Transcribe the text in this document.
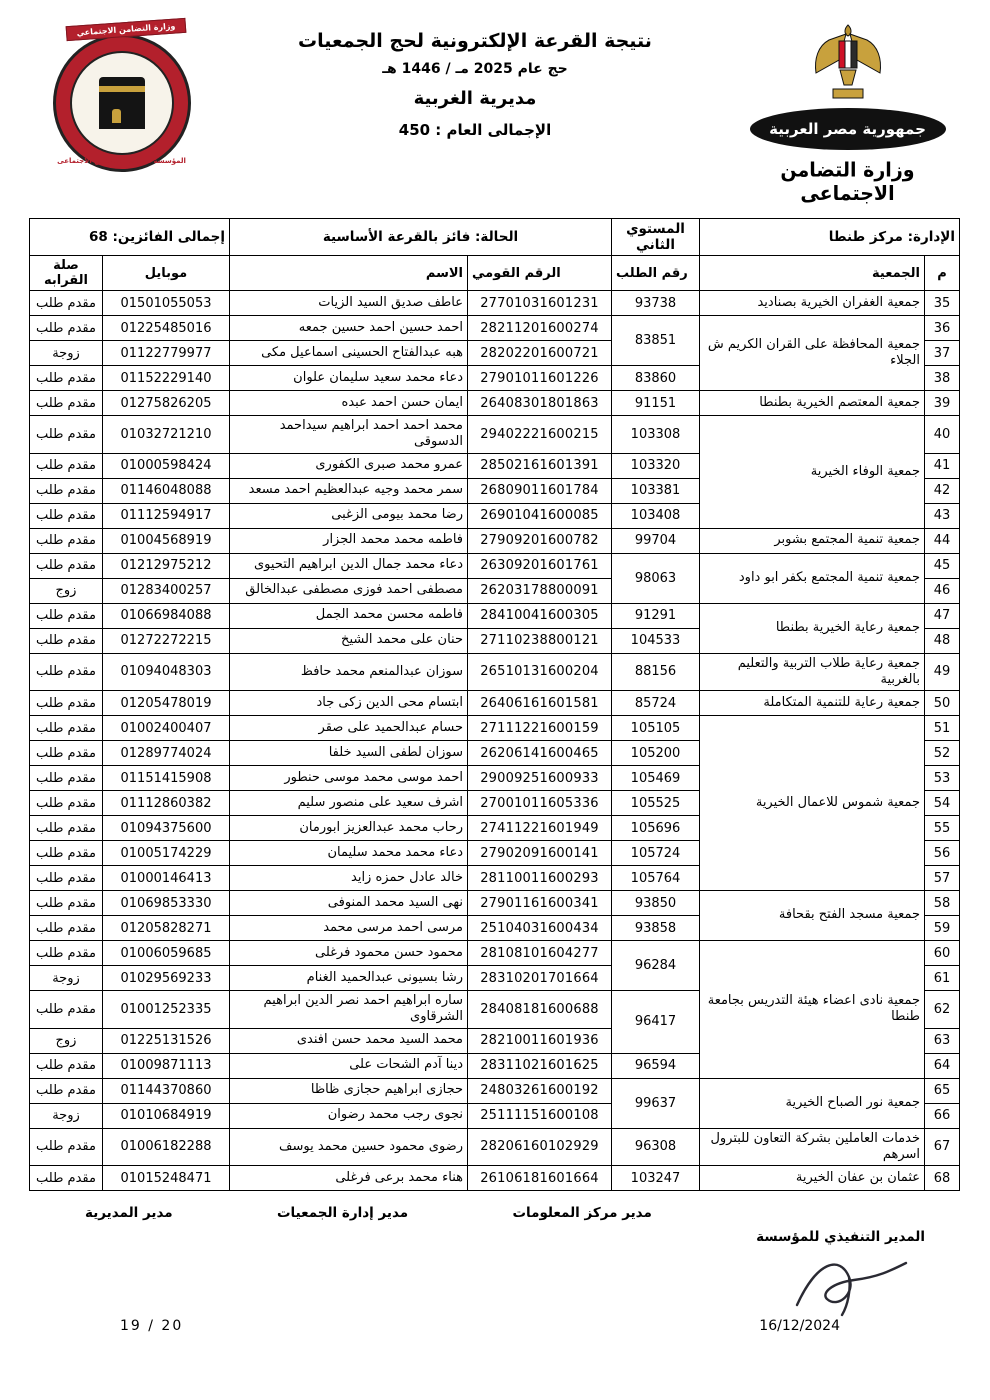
جمهورية مصر العربية
وزارة التضامن الاجتماعى
نتيجة القرعة الإلكترونية لحج الجمعيات
حج عام 2025 مـ / 1446 هـ
مديرية الغربية
الإجمالى العام : 450
وزارة التضامن الاجتماعي
المؤسسة القومية للتضامن الاجتماعى
الإدارة: مركز طنطا		المستوي الثاني	الحالة: فائز بالقرعة الأساسية		إجمالى الفائزين: 68	
م	الجمعية	رقم الطلب	الرقم القومي	الاسم	موبايل	صلة القرابه
35	جمعية الغفران الخيرية بصناديد	93738	27701031601231	عاطف صديق السيد الزيات	01501055053	مقدم طلب
36	جمعية المحافظة على القران الكريم ش الجلاء	83851	28211201600274	احمد حسين احمد حسين جمعه	01225485016	مقدم طلب
37			28202201600721	هبه عبدالفتاح الحسينى اسماعيل مكى	01122779977	زوجة
38		83860	27901011601226	دعاء محمد سعيد سليمان علوان	01152229140	مقدم طلب
39	جمعية المعتصم الخيرية بطنطا	91151	26408301801863	ايمان حسن احمد عبده	01275826205	مقدم طلب
40	جمعية الوفاء الخيرية	103308	29402221600215	محمد احمد احمد ابراهيم سيداحمد الدسوقى	01032721210	مقدم طلب
41		103320	28502161601391	عمرو محمد صبرى الكفورى	01000598424	مقدم طلب
42		103381	26809011601784	سمر محمد وجيه عبدالعظيم احمد مسعد	01146048088	مقدم طلب
43		103408	26901041600085	رضا محمد بيومى الزغبى	01112594917	مقدم طلب
44	جمعية تنمية المجتمع بشوبر	99704	27909201600782	فاطمه محمد محمد الجزار	01004568919	مقدم طلب
45	جمعية تنمية المجتمع بكفر ابو داود	98063	26309201601761	دعاء محمد جمال الدين ابراهيم التحيوى	01212975212	مقدم طلب
46			26203178800091	مصطفى احمد فوزى مصطفى عبدالخالق	01283400257	زوج
47	جمعية رعاية الخيرية بطنطا	91291	28410041600305	فاطمه محسن محمد الجمل	01066984088	مقدم طلب
48		104533	27110238800121	حنان على محمد الشيخ	01272272215	مقدم طلب
49	جمعية رعاية طلاب التربية والتعليم بالغربية	88156	26510131600204	سوزان عبدالمنعم محمد حافظ	01094048303	مقدم طلب
50	جمعية رعاية للتنمية المتكاملة	85724	26406161601581	ابتسام محى الدين زكى جاد	01205478019	مقدم طلب
51	جمعية شموس للاعمال الخيرية	105105	27111221600159	حسام عبدالحميد على صقر	01002400407	مقدم طلب
52		105200	26206141600465	سوزان لطفى السيد خلفا	01289774024	مقدم طلب
53		105469	29009251600933	احمد موسى محمد موسى حنطور	01151415908	مقدم طلب
54		105525	27001011605336	اشرف سعيد على منصور سليم	01112860382	مقدم طلب
55		105696	27411221601949	رحاب محمد عبدالعزيز ابورمان	01094375600	مقدم طلب
56		105724	27902091600141	دعاء محمد محمد سليمان	01005174229	مقدم طلب
57		105764	28110011600293	خالد عادل حمزه زايد	01000146413	مقدم طلب
58	جمعية مسجد الفتح بقحافة	93850	27901161600341	نهى السيد محمد المنوفى	01069853330	مقدم طلب
59		93858	25104031600434	مرسى احمد مرسى محمد	01205828271	مقدم طلب
60	جمعية نادى اعضاء هيئة التدريس بجامعة طنطا	96284	28108101604277	محمود حسن محمود فرغلى	01006059685	مقدم طلب
61			28310201701664	رشا بسيونى عبدالحميد الغنام	01029569233	زوجة
62		96417	28408181600688	ساره ابراهيم احمد نصر الدين ابراهيم الشرقاوى	01001252335	مقدم طلب
63			28210011601936	محمد السيد محمد حسن افندى	01225131526	زوج
64		96594	28311021601625	دينا آدم الشحات على	01009871113	مقدم طلب
65	جمعية نور الصباح الخيرية	99637	24803261600192	حجازى ابراهيم حجازى ظاظا	01144370860	مقدم طلب
66			25111151600108	نجوى رجب محمد رضوان	01010684919	زوجة
67	خدمات العاملين بشركة التعاون للبترول اسرهم	96308	28206160102929	رضوى محمود حسين محمد يوسف	01006182288	مقدم طلب
68	عثمان بن عفان الخيرية	103247	26106181601664	هناء محمد برعى فرغلى	01015248471	مقدم طلب
المدير التنفيذي للمؤسسة
مدير مركز المعلومات
مدير إدارة الجمعيات
مدير المديرية
16/12/2024
19 / 20
